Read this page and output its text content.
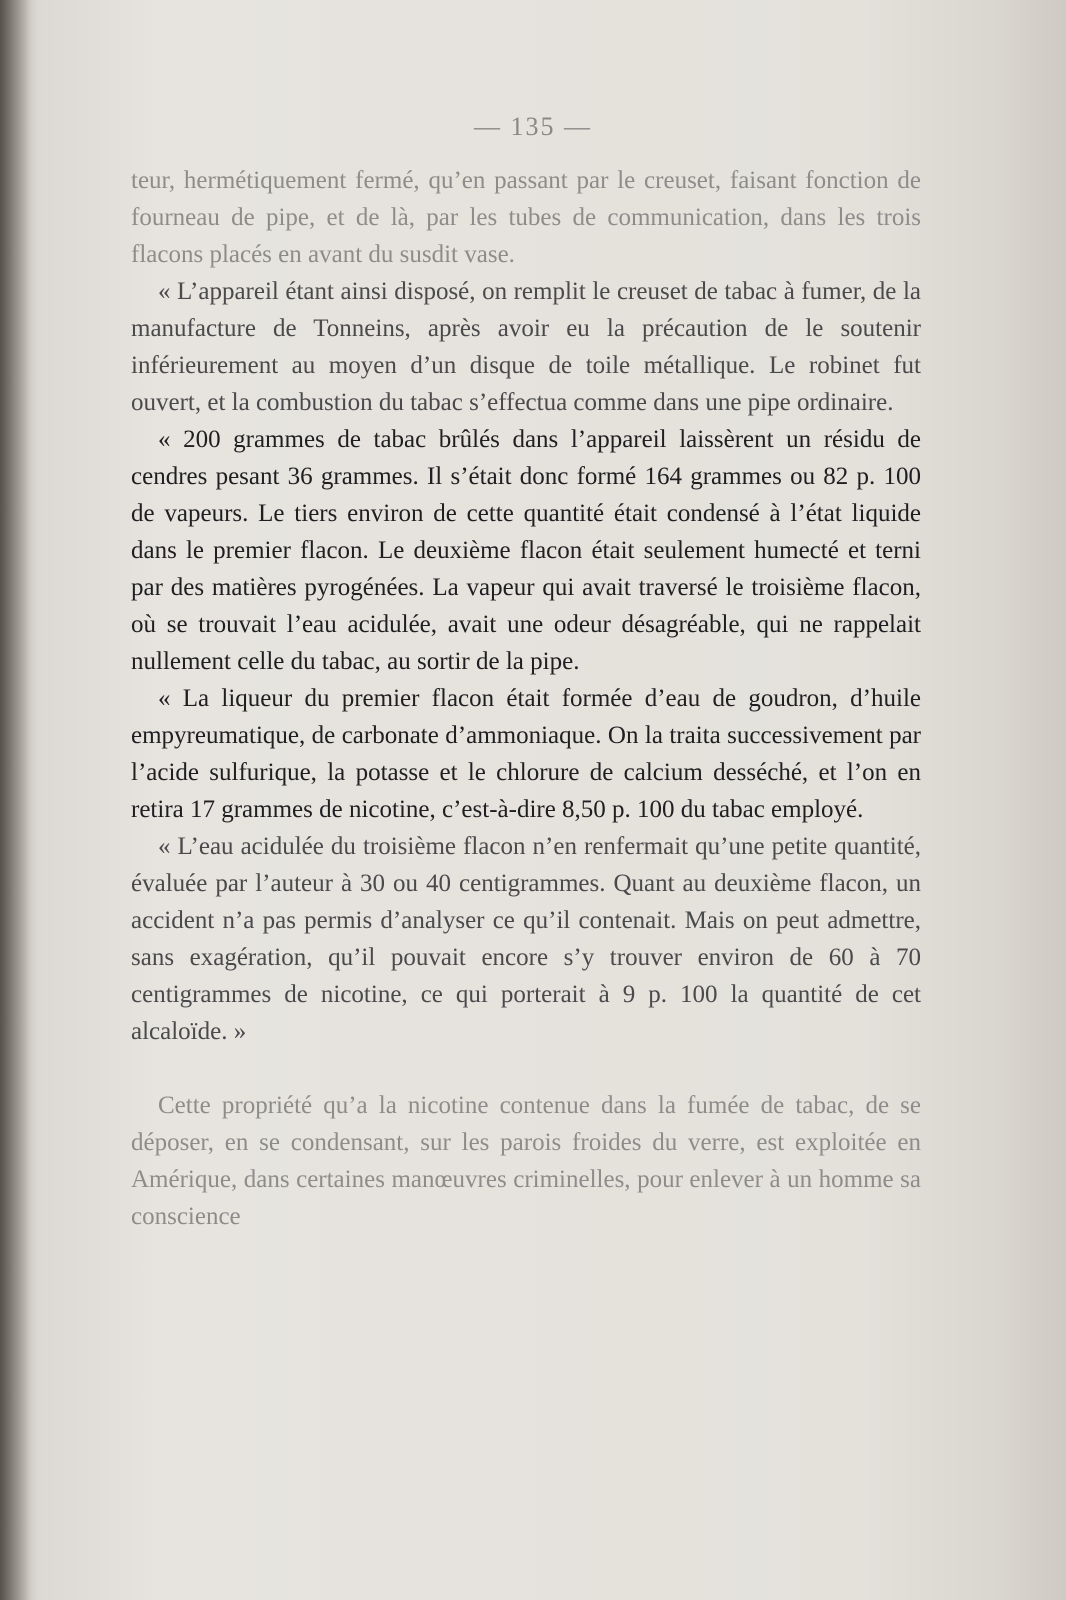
— 135 —

teur, hermétiquement fermé, qu’en passant par le creuset, faisant fonction de fourneau de pipe, et de là, par les tubes de communication, dans les trois flacons placés en avant du susdit vase.

« L’appareil étant ainsi disposé, on remplit le creuset de tabac à fumer, de la manufacture de Tonneins, après avoir eu la précaution de le soutenir inférieurement au moyen d’un disque de toile métallique. Le robinet fut ouvert, et la combustion du tabac s’effectua comme dans une pipe ordinaire.

« 200 grammes de tabac brûlés dans l’appareil laissèrent un résidu de cendres pesant 36 grammes. Il s’était donc formé 164 grammes ou 82 p. 100 de vapeurs. Le tiers environ de cette quantité était condensé à l’état liquide dans le premier flacon. Le deuxième flacon était seulement humecté et terni par des matières pyrogénées. La vapeur qui avait traversé le troisième flacon, où se trouvait l’eau acidulée, avait une odeur désagréable, qui ne rappelait nullement celle du tabac, au sortir de la pipe.

« La liqueur du premier flacon était formée d’eau de goudron, d’huile empyreumatique, de carbonate d’ammoniaque. On la traita successivement par l’acide sulfurique, la potasse et le chlorure de calcium desséché, et l’on en retira 17 grammes de nicotine, c’est-à-dire 8,50 p. 100 du tabac employé.

« L’eau acidulée du troisième flacon n’en renfermait qu’une petite quantité, évaluée par l’auteur à 30 ou 40 centigrammes. Quant au deuxième flacon, un accident n’a pas permis d’analyser ce qu’il contenait. Mais on peut admettre, sans exagération, qu’il pouvait encore s’y trouver environ de 60 à 70 centigrammes de nicotine, ce qui porterait à 9 p. 100 la quantité de cet alcaloïde. »

Cette propriété qu’a la nicotine contenue dans la fumée de tabac, de se déposer, en se condensant, sur les parois froides du verre, est exploitée en Amérique, dans certaines manœuvres criminelles, pour enlever à un homme sa conscience
